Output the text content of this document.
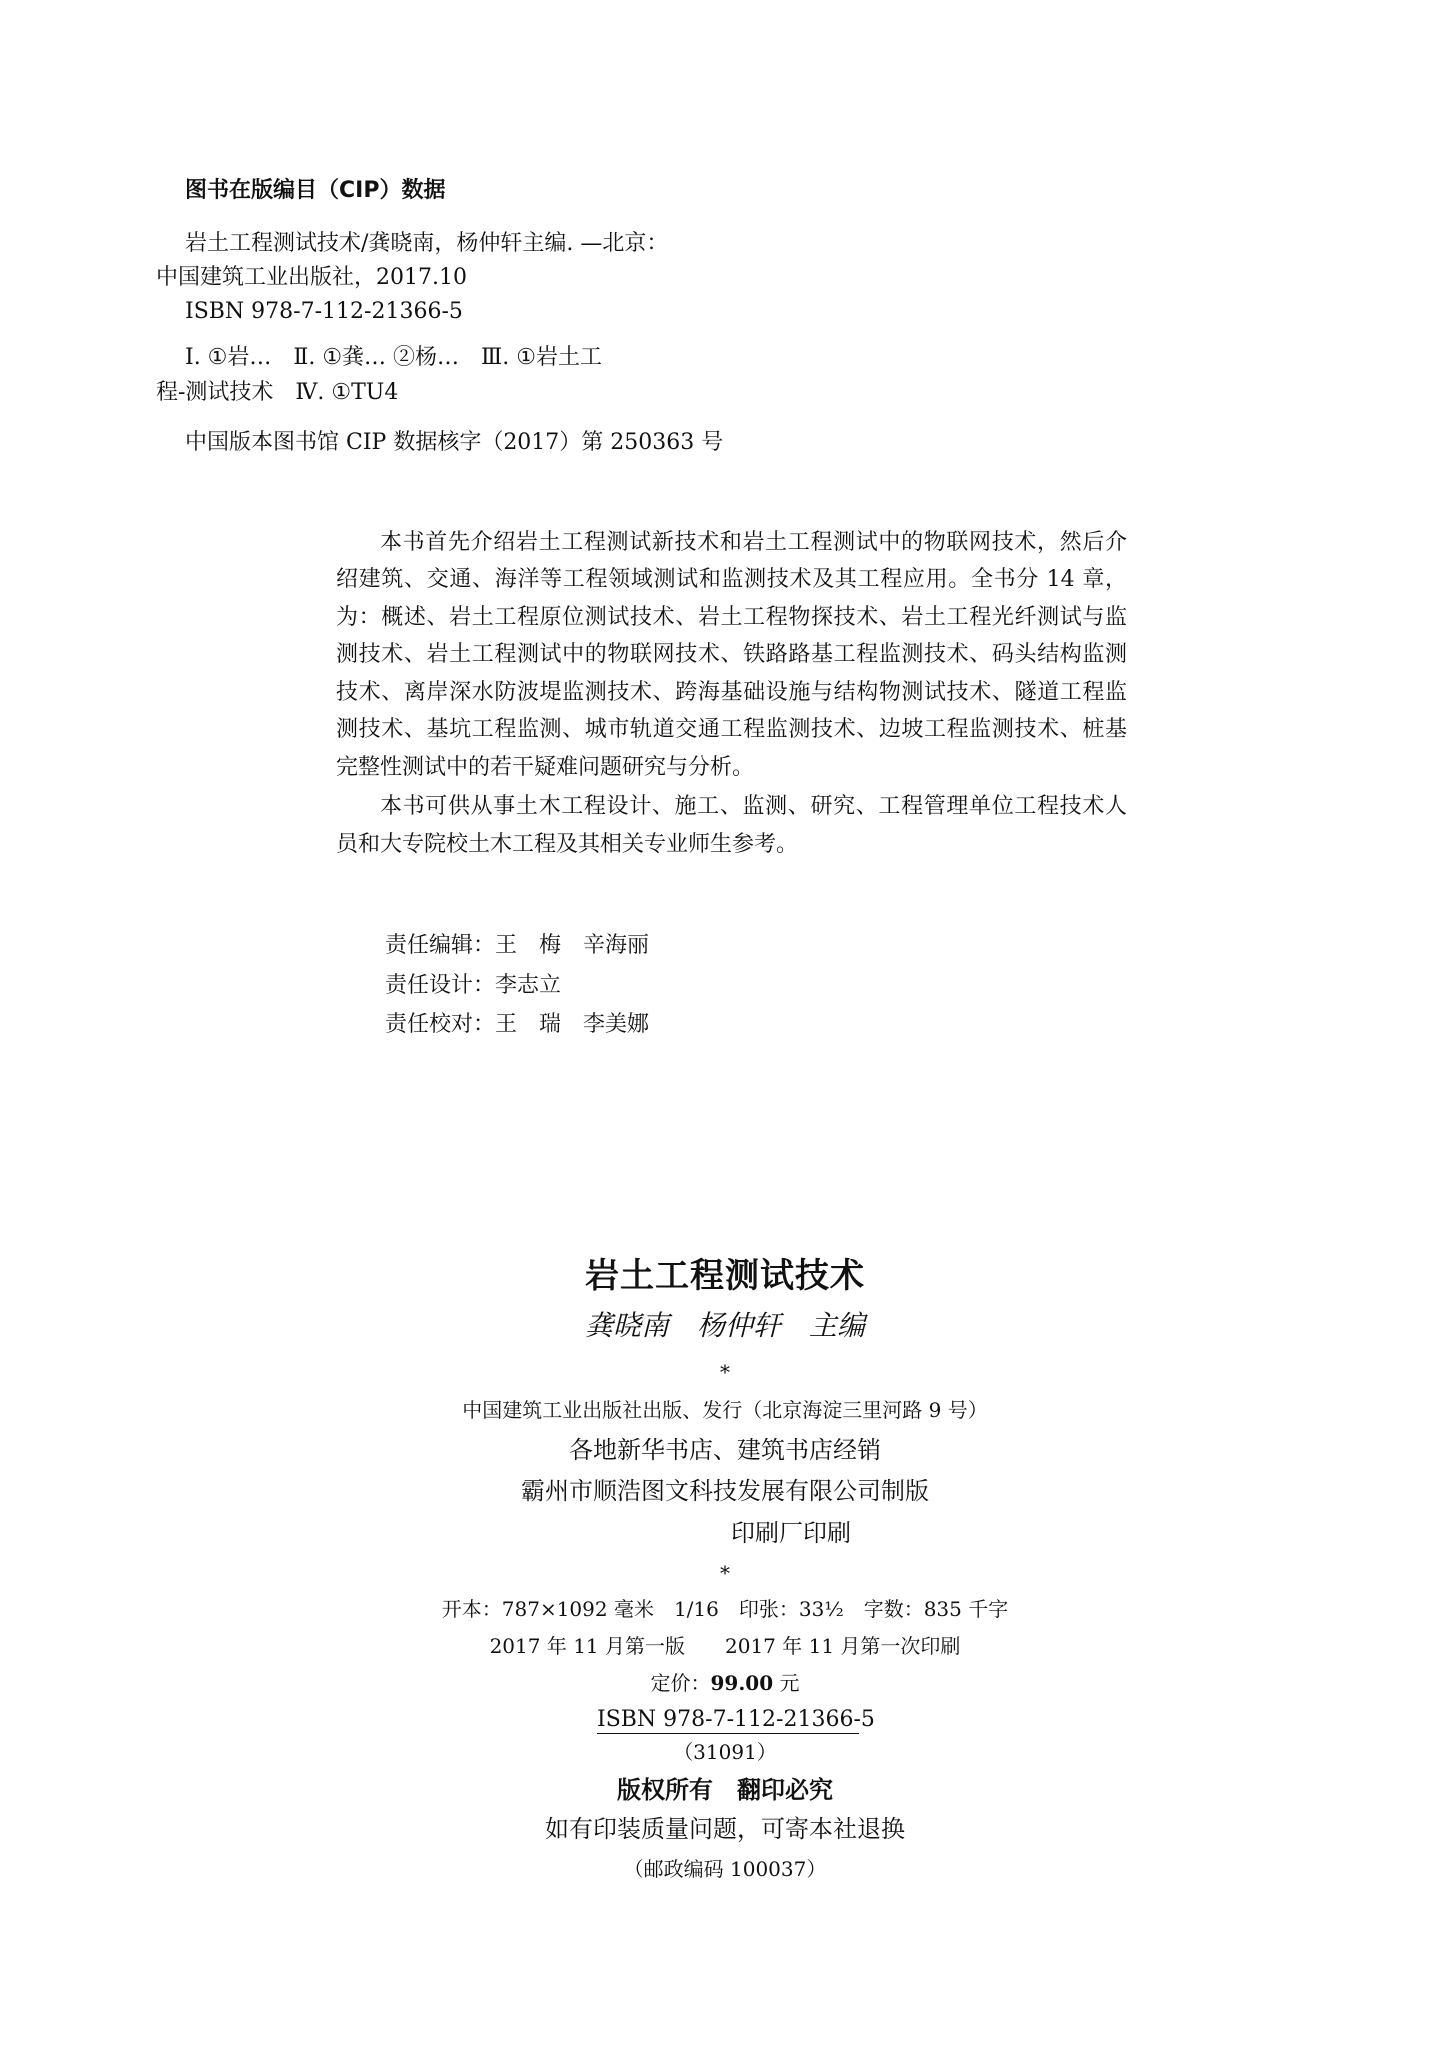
图书在版编目（CIP）数据
岩土工程测试技术/龚晓南，杨仲轩主编. —北京：
中国建筑工业出版社，2017.10
ISBN 978-7-112-21366-5
Ⅰ. ①岩…　Ⅱ. ①龚… ②杨…　Ⅲ. ①岩土工
程-测试技术　Ⅳ. ①TU4
中国版本图书馆 CIP 数据核字（2017）第 250363 号
本书首先介绍岩土工程测试新技术和岩土工程测试中的物联网技术，然后介
绍建筑、交通、海洋等工程领域测试和监测技术及其工程应用。全书分 14 章，
为：概述、岩土工程原位测试技术、岩土工程物探技术、岩土工程光纤测试与监
测技术、岩土工程测试中的物联网技术、铁路路基工程监测技术、码头结构监测
技术、离岸深水防波堤监测技术、跨海基础设施与结构物测试技术、隧道工程监
测技术、基坑工程监测、城市轨道交通工程监测技术、边坡工程监测技术、桩基
完整性测试中的若干疑难问题研究与分析。
本书可供从事土木工程设计、施工、监测、研究、工程管理单位工程技术人
员和大专院校土木工程及其相关专业师生参考。
责任编辑：王　梅　辛海丽
责任设计：李志立
责任校对：王　瑞　李美娜
岩土工程测试技术
龚晓南　杨仲轩　主编
*
中国建筑工业出版社出版、发行（北京海淀三里河路 9 号）
各地新华书店、建筑书店经销
霸州市顺浩图文科技发展有限公司制版
印刷厂印刷
*
开本：787×1092 毫米　1/16　印张：33½　字数：835 千字
2017 年 11 月第一版　　2017 年 11 月第一次印刷
定价：99.00 元
ISBN 978-7-112-21366-5
（31091）
版权所有　翻印必究
如有印装质量问题，可寄本社退换
（邮政编码 100037）
